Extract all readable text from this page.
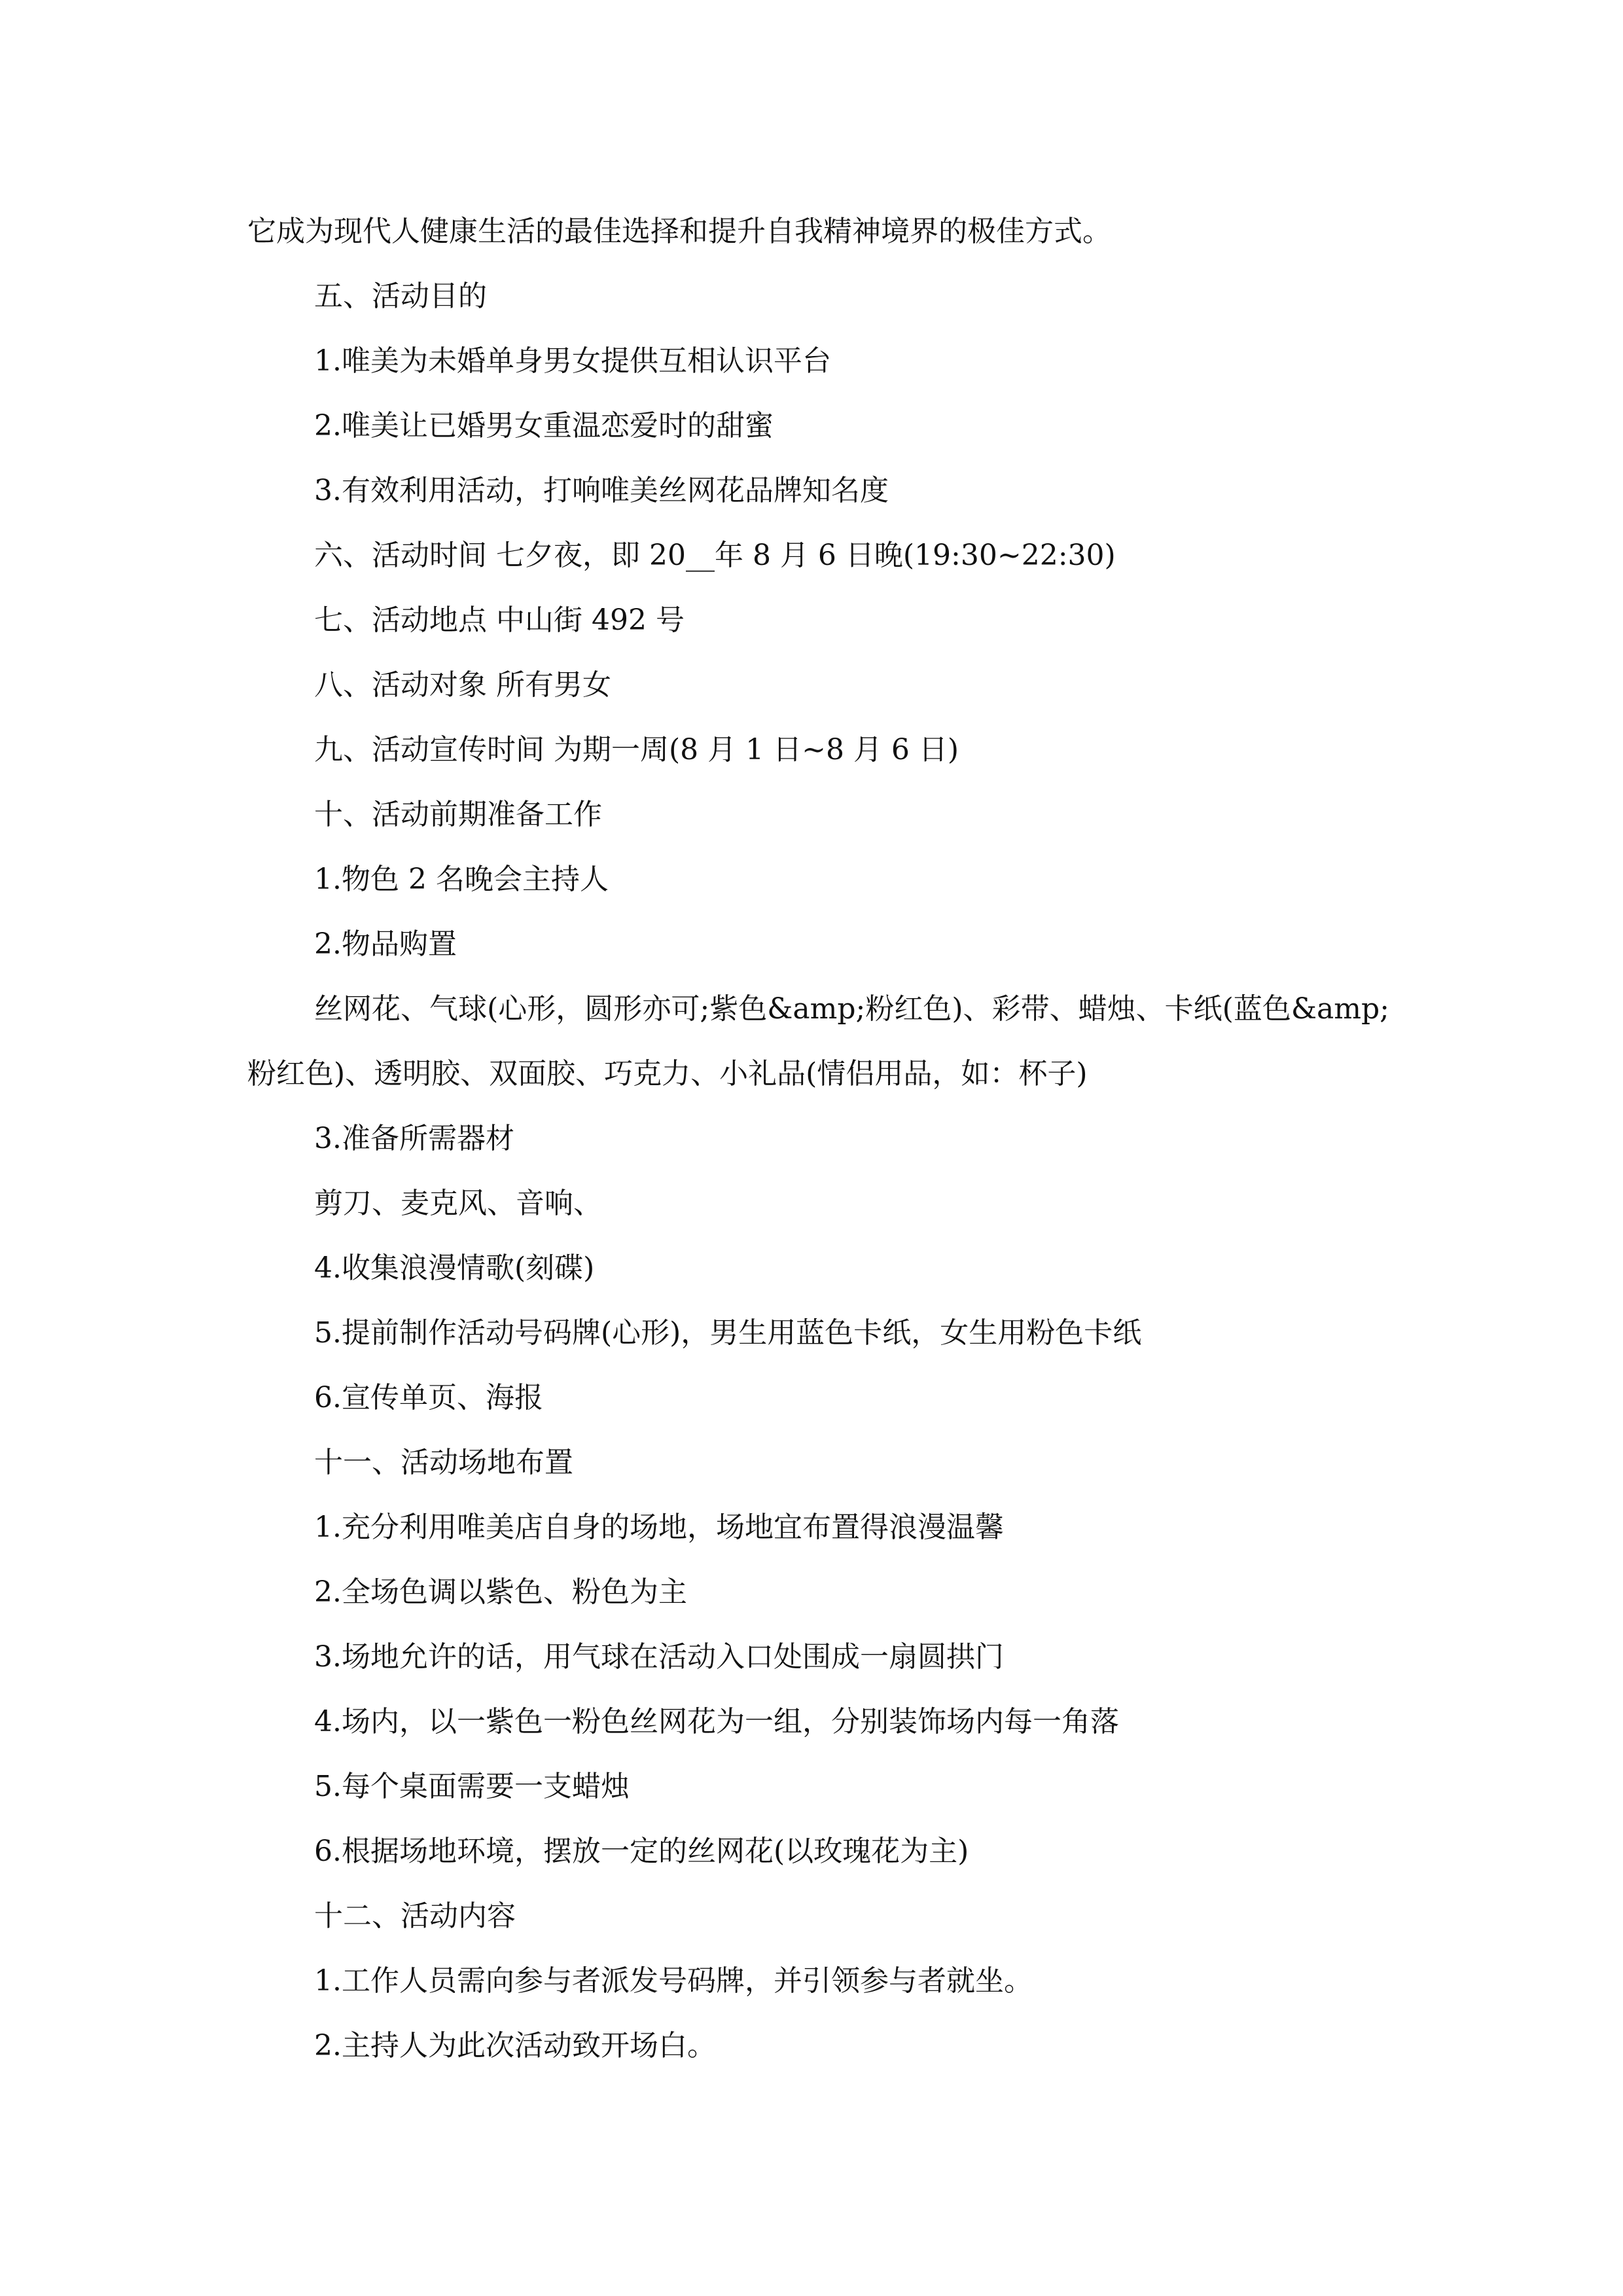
它成为现代人健康生活的最佳选择和提升自我精神境界的极佳方式。

五、活动目的

1.唯美为未婚单身男女提供互相认识平台

2.唯美让已婚男女重温恋爱时的甜蜜

3.有效利用活动，打响唯美丝网花品牌知名度

六、活动时间 七夕夜，即 20__年 8 月 6 日晚(19:30~22:30)

七、活动地点 中山街 492 号

八、活动对象 所有男女

九、活动宣传时间 为期一周(8 月 1 日~8 月 6 日)

十、活动前期准备工作

1.物色 2 名晚会主持人

2.物品购置

丝网花、气球(心形，圆形亦可;紫色&amp;粉红色)、彩带、蜡烛、卡纸(蓝色&amp;粉红色)、透明胶、双面胶、巧克力、小礼品(情侣用品，如：杯子)

3.准备所需器材

剪刀、麦克风、音响、

4.收集浪漫情歌(刻碟)

5.提前制作活动号码牌(心形)，男生用蓝色卡纸，女生用粉色卡纸

6.宣传单页、海报

十一、活动场地布置

1.充分利用唯美店自身的场地，场地宜布置得浪漫温馨

2.全场色调以紫色、粉色为主

3.场地允许的话，用气球在活动入口处围成一扇圆拱门

4.场内，以一紫色一粉色丝网花为一组，分别装饰场内每一角落

5.每个桌面需要一支蜡烛

6.根据场地环境，摆放一定的丝网花(以玫瑰花为主)

十二、活动内容

1.工作人员需向参与者派发号码牌，并引领参与者就坐。

2.主持人为此次活动致开场白。
